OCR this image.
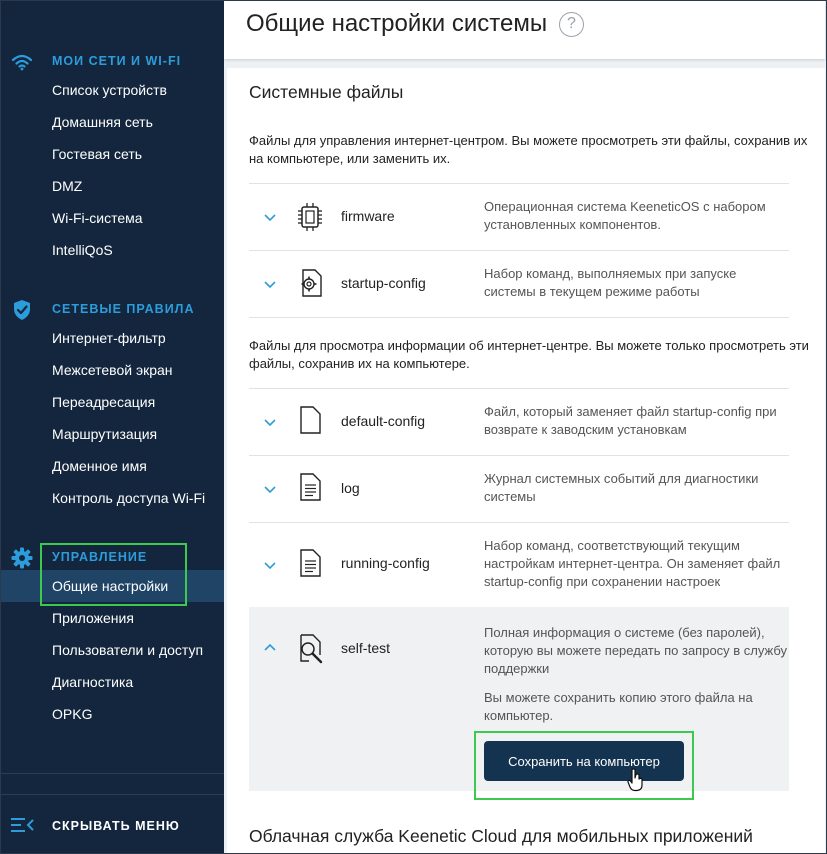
МОИ СЕТИ И WI-FI
Список устройств
Домашняя сеть
Гостевая сеть
DMZ
Wi-Fi-система
IntelliQoS
СЕТЕВЫЕ ПРАВИЛА
Интернет-фильтр
Межсетевой экран
Переадресация
Маршрутизация
Доменное имя
Контроль доступа Wi-Fi
УПРАВЛЕНИЕ
Общие настройки
Приложения
Пользователи и доступ
Диагностика
OPKG
СКРЫВАТЬ МЕНЮ
Общие настройки системы	?
Системные файлы

Файлы для управления интернет-центром. Вы можете просмотреть эти файлы, сохранив их на компьютере, или заменить их.

firmware
Операционная система KeeneticOS с набором установленных компонентов.
startup-config
Набор команд, выполняемых при запуске системы в текущем режиме работы

Файлы для просмотра информации об интернет-центре. Вы можете только просмотреть эти файлы, сохранив их на компьютере.

default-config
Файл, который заменяет файл startup-config при возврате к заводским установкам
log
Журнал системных событий для диагностики системы
running-config
Набор команд, соответствующий текущим настройкам интернет-центра. Он заменяет файл startup-config при сохранении настроек
self-test
Полная информация о системе (без паролей), которую вы можете передать по запросу в службу поддержки
Вы можете сохранить копию этого файла на компьютер.
Сохранить на компьютер
Облачная служба Keenetic Cloud для мобильных приложений
